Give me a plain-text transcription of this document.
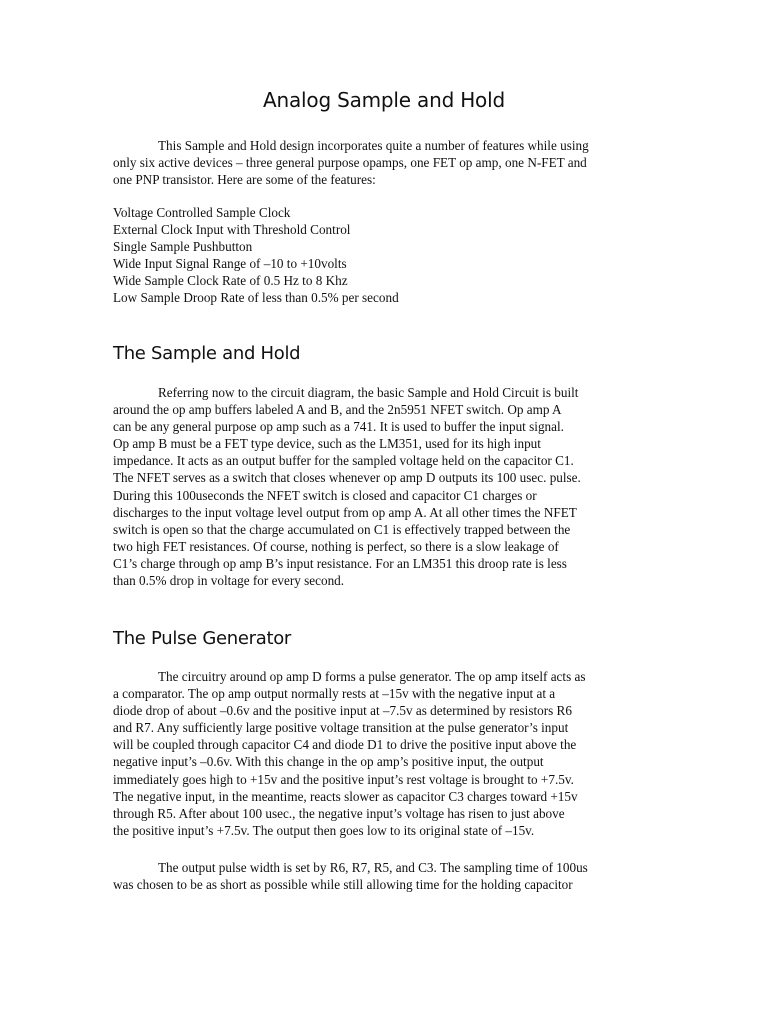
Analog Sample and Hold
This Sample and Hold design incorporates quite a number of features while using
only six active devices – three general purpose opamps, one FET op amp, one N-FET and
one PNP transistor. Here are some of the features:
Voltage Controlled Sample Clock
External Clock Input with Threshold Control
Single Sample Pushbutton
Wide Input Signal Range of –10 to +10volts
Wide Sample Clock Rate of 0.5 Hz to 8 Khz
Low Sample Droop Rate of less than 0.5% per second
The Sample and Hold
Referring now to the circuit diagram, the basic Sample and Hold Circuit is built
around the op amp buffers labeled A and B, and the 2n5951 NFET switch. Op amp A
can be any general purpose op amp such as a 741. It is used to buffer the input signal.
Op amp B must be a FET type device, such as the LM351, used for its high input
impedance. It acts as an output buffer for the sampled voltage held on the capacitor C1.
The NFET serves as a switch that closes whenever op amp D outputs its 100 usec. pulse.
During this 100useconds the NFET switch is closed and capacitor C1 charges or
discharges to the input voltage level output from op amp A. At all other times the NFET
switch is open so that the charge accumulated on C1 is effectively trapped between the
two high FET resistances. Of course, nothing is perfect, so there is a slow leakage of
C1’s charge through op amp B’s input resistance. For an LM351 this droop rate is less
than 0.5% drop in voltage for every second.
The Pulse Generator
The circuitry around op amp D forms a pulse generator. The op amp itself acts as
a comparator. The op amp output normally rests at –15v with the negative input at a
diode drop of about –0.6v and the positive input at –7.5v as determined by resistors R6
and R7. Any sufficiently large positive voltage transition at the pulse generator’s input
will be coupled through capacitor C4 and diode D1 to drive the positive input above the
negative input’s –0.6v. With this change in the op amp’s positive input, the output
immediately goes high to +15v and the positive input’s rest voltage is brought to +7.5v.
The negative input, in the meantime, reacts slower as capacitor C3 charges toward +15v
through R5. After about 100 usec., the negative input’s voltage has risen to just above
the positive input’s +7.5v. The output then goes low to its original state of –15v.
The output pulse width is set by R6, R7, R5, and C3. The sampling time of 100us
was chosen to be as short as possible while still allowing time for the holding capacitor
